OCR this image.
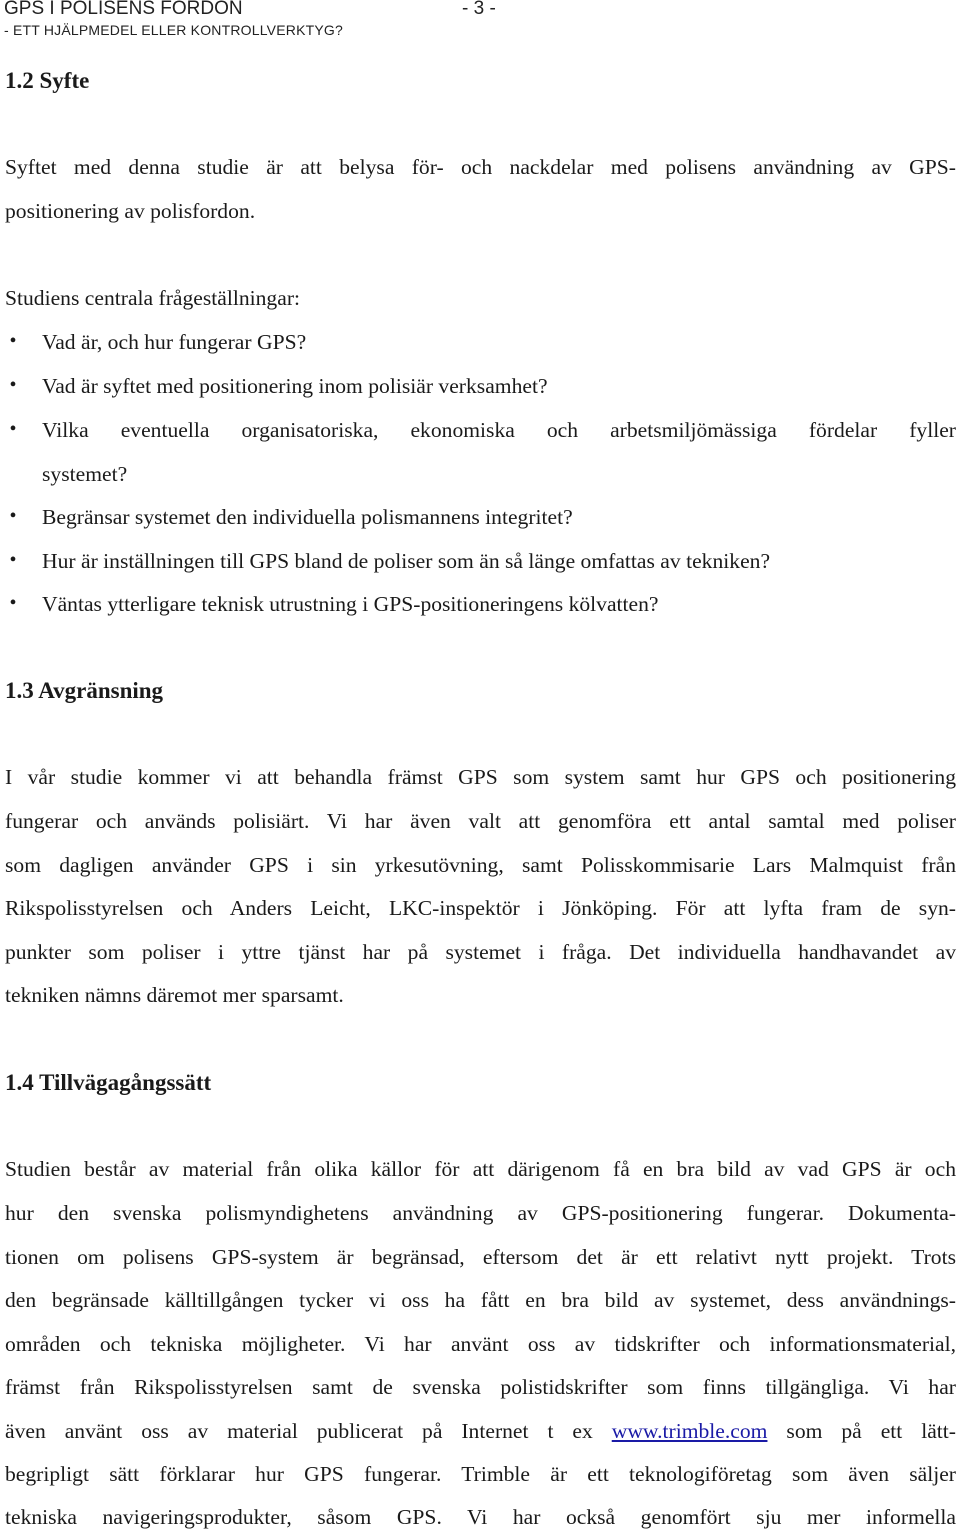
GPS I POLISENS FORDON	- 3 -
- ETT HJÄLPMEDEL ELLER KONTROLLVERKTYG?
1.2 Syfte
Syftet med denna studie är att belysa för- och nackdelar med polisens användning av GPS-
positionering av polisfordon.
Studiens centrala frågeställningar:
• Vad är, och hur fungerar GPS?
• Vad är syftet med positionering inom polisiär verksamhet?
• Vilka eventuella organisatoriska, ekonomiska och arbetsmiljömässiga fördelar fyller
systemet?
• Begränsar systemet den individuella polismannens integritet?
• Hur är inställningen till GPS bland de poliser som än så länge omfattas av tekniken?
• Väntas ytterligare teknisk utrustning i GPS-positioneringens kölvatten?
1.3 Avgränsning
I vår studie kommer vi att behandla främst GPS som system samt hur GPS och positionering
fungerar och används polisiärt. Vi har även valt att genomföra ett antal samtal med poliser
som dagligen använder GPS i sin yrkesutövning, samt Polisskommisarie Lars Malmquist från
Rikspolisstyrelsen och Anders Leicht, LKC-inspektör i Jönköping. För att lyfta fram de syn-
punkter som poliser i yttre tjänst har på systemet i fråga. Det individuella handhavandet av
tekniken nämns däremot mer sparsamt.
1.4 Tillvägagångssätt
Studien består av material från olika källor för att därigenom få en bra bild av vad GPS är och
hur den svenska polismyndighetens användning av GPS-positionering fungerar. Dokumenta-
tionen om polisens GPS-system är begränsad, eftersom det är ett relativt nytt projekt. Trots
den begränsade källtillgången tycker vi oss ha fått en bra bild av systemet, dess användnings-
områden och tekniska möjligheter. Vi har använt oss av tidskrifter och informationsmaterial,
främst från Rikspolisstyrelsen samt de svenska polistidskrifter som finns tillgängliga. Vi har
även använt oss av material publicerat på Internet t ex www.trimble.com som på ett lätt-
begripligt sätt förklarar hur GPS fungerar. Trimble är ett teknologiföretag som även säljer
tekniska navigeringsprodukter, såsom GPS. Vi har också genomfört sju mer informella
